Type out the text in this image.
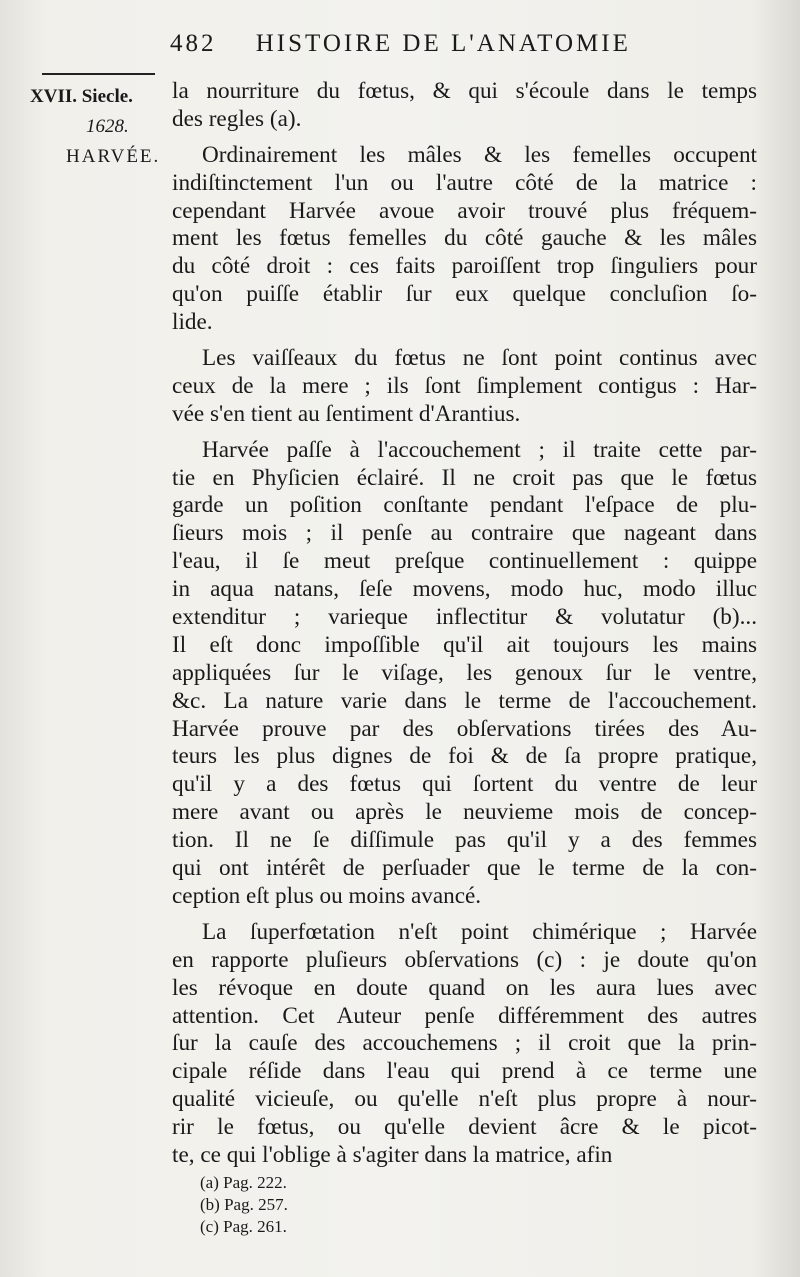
482 HISTOIRE DE L'ANATOMIE
XVII. Siecle.
1628.
HARVÉE.
la nourriture du fœtus, & qui s'écoule dans le temps
des regles (a).
Ordinairement les mâles & les femelles occupent
indiſtinctement l'un ou l'autre côté de la matrice :
cependant Harvée avoue avoir trouvé plus fréquem-
ment les fœtus femelles du côté gauche & les mâles
du côté droit : ces faits paroiſſent trop ſinguliers pour
qu'on puiſſe établir ſur eux quelque concluſion ſo-
lide.
Les vaiſſeaux du fœtus ne ſont point continus avec
ceux de la mere ; ils ſont ſimplement contigus : Har-
vée s'en tient au ſentiment d'Arantius.
Harvée paſſe à l'accouchement ; il traite cette par-
tie en Phyſicien éclairé. Il ne croit pas que le fœtus
garde un poſition conſtante pendant l'eſpace de plu-
ſieurs mois ; il penſe au contraire que nageant dans
l'eau, il ſe meut preſque continuellement : quippe
in aqua natans, ſeſe movens, modo huc, modo illuc
extenditur ; varieque inflectitur & volutatur (b)...
Il eſt donc impoſſible qu'il ait toujours les mains
appliquées ſur le viſage, les genoux ſur le ventre,
&c. La nature varie dans le terme de l'accouchement.
Harvée prouve par des obſervations tirées des Au-
teurs les plus dignes de foi & de ſa propre pratique,
qu'il y a des fœtus qui ſortent du ventre de leur
mere avant ou après le neuvieme mois de concep-
tion. Il ne ſe diſſimule pas qu'il y a des femmes
qui ont intérêt de perſuader que le terme de la con-
ception eſt plus ou moins avancé.
La ſuperfœtation n'eſt point chimérique ; Harvée
en rapporte pluſieurs obſervations (c) : je doute qu'on
les révoque en doute quand on les aura lues avec
attention. Cet Auteur penſe différemment des autres
ſur la cauſe des accouchemens ; il croit que la prin-
cipale réſide dans l'eau qui prend à ce terme une
qualité vicieuſe, ou qu'elle n'eſt plus propre à nour-
rir le fœtus, ou qu'elle devient âcre & le picot-
te, ce qui l'oblige à s'agiter dans la matrice, afin
(a) Pag. 222.
(b) Pag. 257.
(c) Pag. 261.
